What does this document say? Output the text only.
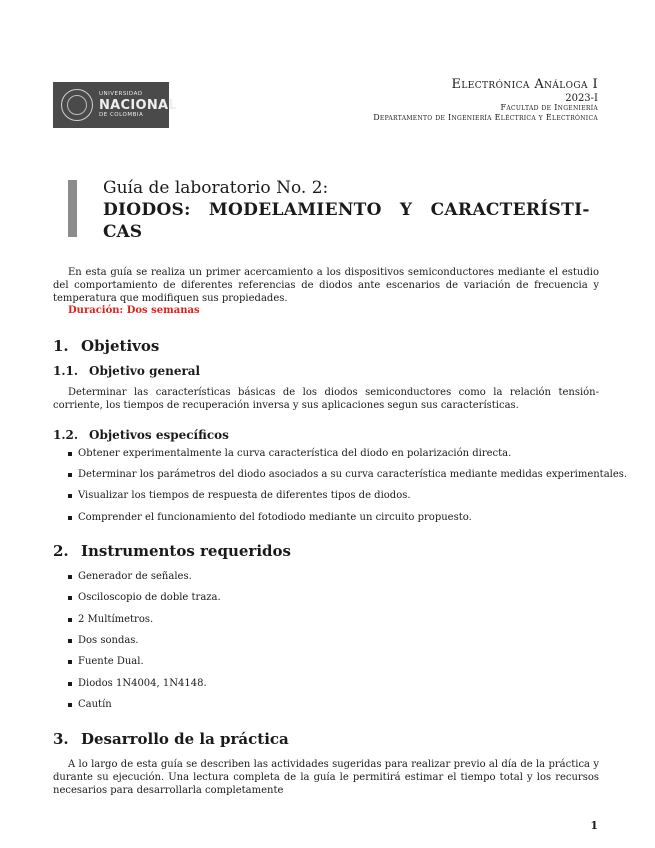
UNIVERSIDAD
NACIONAL
DE COLOMBIA
Electrónica Análoga I
2023-I
Facultad de Ingeniería
Departamento de Ingeniería Eléctrica y Electrónica
Guía de laboratorio No. 2:
DIODOS: MODELAMIENTO Y CARACTERÍSTI-
CAS
En esta guía se realiza un primer acercamiento a los dispositivos semiconductores mediante el estudio del comportamiento de diferentes referencias de diodos ante escenarios de variación de frecuencia y temperatura que modifiquen sus propiedades.
Duración: Dos semanas
1. Objetivos
1.1. Objetivo general
Determinar las características básicas de los diodos semiconductores como la relación tensión-corriente, los tiempos de recuperación inversa y sus aplicaciones segun sus características.
1.2. Objetivos específicos
Obtener experimentalmente la curva característica del diodo en polarización directa.
Determinar los parámetros del diodo asociados a su curva característica mediante medidas experimentales.
Visualizar los tiempos de respuesta de diferentes tipos de diodos.
Comprender el funcionamiento del fotodiodo mediante un circuito propuesto.
2. Instrumentos requeridos
Generador de señales.
Osciloscopio de doble traza.
2 Multímetros.
Dos sondas.
Fuente Dual.
Diodos 1N4004, 1N4148.
Cautín
3. Desarrollo de la práctica
A lo largo de esta guía se describen las actividades sugeridas para realizar previo al día de la práctica y durante su ejecución. Una lectura completa de la guía le permitirá estimar el tiempo total y los recursos necesarios para desarrollarla completamente
1
